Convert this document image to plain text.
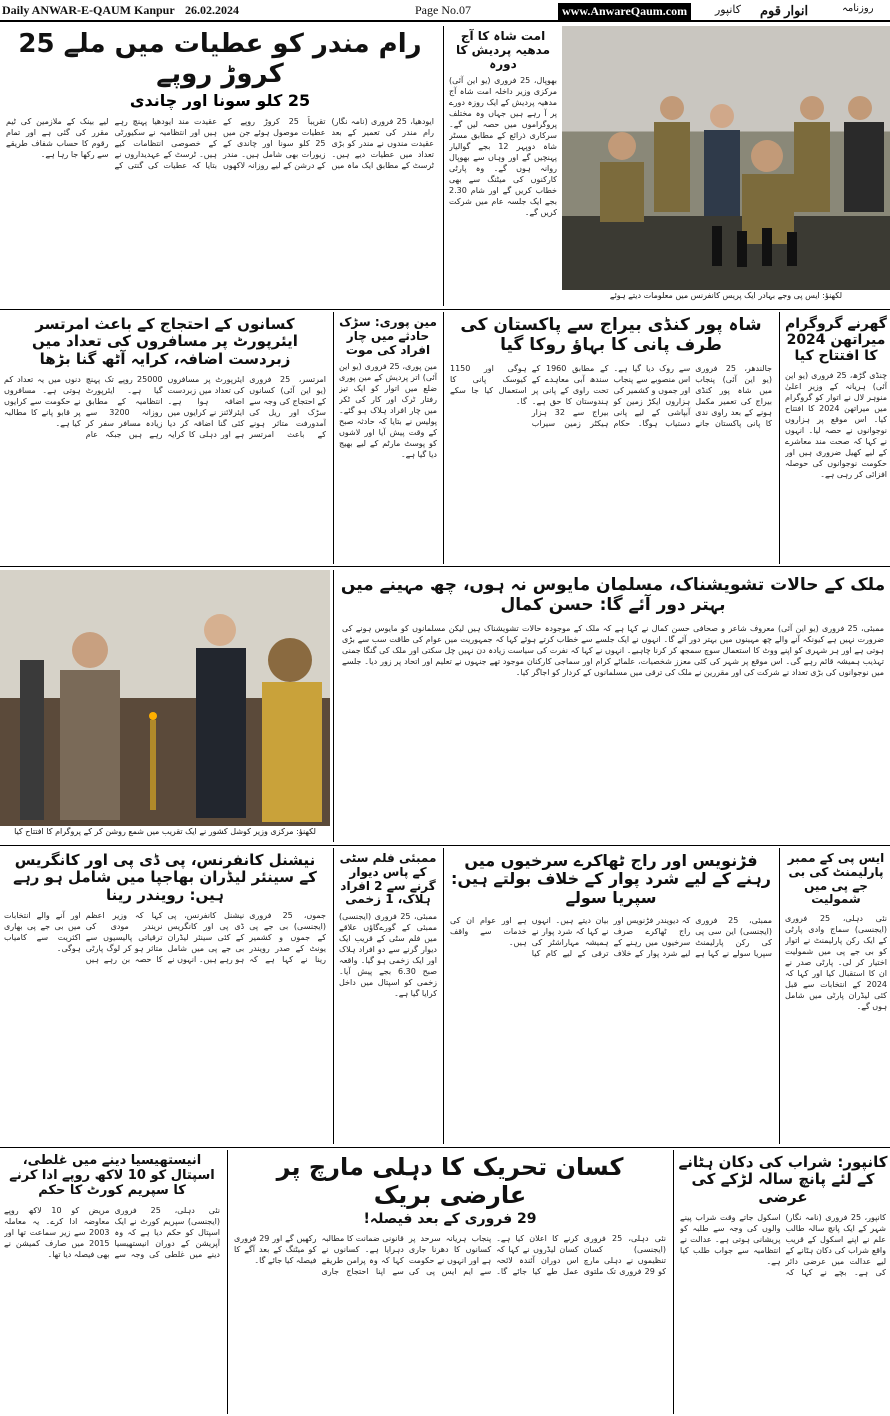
Daily ANWAR-E-QAUM Kanpur 26.02.2024	Page No.07	www.AnwareQaum.com	انوار قوم
کانپور	روزنامہ
رام مندر کو عطیات میں ملے 25 کروڑ روپے
25 کلو سونا اور چاندی
ایودھیا، 25 فروری (نامہ نگار) رام مندر کی تعمیر کے بعد عقیدت مندوں نے مندر کو بڑی تعداد میں عطیات دیے ہیں۔ ٹرسٹ کے مطابق ایک ماہ میں تقریباً 25 کروڑ روپے کے عطیات موصول ہوئے جن میں 25 کلو سونا اور چاندی کے زیورات بھی شامل ہیں۔ مندر کے درشن کے لیے روزانہ لاکھوں عقیدت مند ایودھیا پہنچ رہے ہیں اور انتظامیہ نے سکیورٹی کے خصوصی انتظامات کیے ہیں۔ ٹرسٹ کے عہدیداروں نے بتایا کہ عطیات کی گنتی کے لیے بینک کے ملازمین کی ٹیم مقرر کی گئی ہے اور تمام رقوم کا حساب شفاف طریقے سے رکھا جا رہا ہے۔
امت شاہ کا آج مدھیہ پردیش کا دورہ
بھوپال، 25 فروری (یو این آئی) مرکزی وزیر داخلہ امت شاہ آج مدھیہ پردیش کے ایک روزہ دورے پر آ رہے ہیں جہاں وہ مختلف پروگراموں میں حصہ لیں گے۔ سرکاری ذرائع کے مطابق مسٹر شاہ دوپہر 12 بجے گوالیار پہنچیں گے اور وہاں سے بھوپال روانہ ہوں گے۔ وہ پارٹی کارکنوں کی میٹنگ سے بھی خطاب کریں گے اور شام 2.30 بجے ایک جلسہ عام میں شرکت کریں گے۔
لکھنؤ: ایس پی وجے بہادر ایک پریس کانفرنس میں معلومات دیتے ہوئے
کسانوں کے احتجاج کے باعث امرتسر ایئرپورٹ پر مسافروں کی تعداد میں زبردست اضافہ، کرایہ آٹھ گنا بڑھا
امرتسر، 25 فروری (یو این آئی) کسانوں کے احتجاج کی وجہ سے سڑک اور ریل کی آمدورفت متاثر ہونے کے باعث امرتسر ایئرپورٹ پر مسافروں کی تعداد میں زبردست اضافہ ہوا ہے۔ ایئرلائنز نے کرایوں میں کئی گنا اضافہ کر دیا ہے اور دہلی کا کرایہ 25000 روپے تک پہنچ گیا ہے۔ ایئرپورٹ انتظامیہ کے مطابق روزانہ 3200 سے زیادہ مسافر سفر کر رہے ہیں جبکہ عام دنوں میں یہ تعداد کم ہوتی ہے۔ مسافروں نے حکومت سے کرایوں پر قابو پانے کا مطالبہ کیا ہے۔
مین پوری: سڑک حادثے میں چار افراد کی موت
مین پوری، 25 فروری (یو این آئی) اتر پردیش کے مین پوری ضلع میں اتوار کو ایک تیز رفتار ٹرک اور کار کی ٹکر میں چار افراد ہلاک ہو گئے۔ پولیس نے بتایا کہ حادثہ صبح کے وقت پیش آیا اور لاشوں کو پوسٹ مارٹم کے لیے بھیج دیا گیا ہے۔
شاہ پور کنڈی بیراج سے پاکستان کی طرف پانی کا بہاؤ روکا گیا
جالندھر، 25 فروری (یو این آئی) پنجاب میں شاہ پور کنڈی بیراج کی تعمیر مکمل ہونے کے بعد راوی ندی کا پانی پاکستان جانے سے روک دیا گیا ہے۔ اس منصوبے سے پنجاب اور جموں و کشمیر کی ہزاروں ایکڑ زمین کو آبپاشی کے لیے پانی دستیاب ہوگا۔ حکام کے مطابق 1960 کے سندھ آبی معاہدے کے تحت راوی کے پانی پر ہندوستان کا حق ہے۔ بیراج سے 32 ہزار ہیکٹر زمین سیراب ہوگی اور 1150 کیوسک پانی کا استعمال کیا جا سکے گا۔
گھرنے گروگرام میراتھن 2024 کا افتتاح کیا
چنڈی گڑھ، 25 فروری (یو این آئی) ہریانہ کے وزیر اعلیٰ منوہر لال نے اتوار کو گروگرام میں میراتھن 2024 کا افتتاح کیا۔ اس موقع پر ہزاروں نوجوانوں نے حصہ لیا۔ انہوں نے کہا کہ صحت مند معاشرے کے لیے کھیل ضروری ہیں اور حکومت نوجوانوں کی حوصلہ افزائی کر رہی ہے۔
لکھنؤ: مرکزی وزیر کوشل کشور نے ایک تقریب میں شمع روشن کر کے پروگرام کا افتتاح کیا
ملک کے حالات تشویشناک، مسلمان مایوس نہ ہوں، چھ مہینے میں بہتر دور آئے گا: حسن کمال
ممبئی، 25 فروری (یو این آئی) معروف شاعر و صحافی حسن کمال نے کہا ہے کہ ملک کے موجودہ حالات تشویشناک ہیں لیکن مسلمانوں کو مایوس ہونے کی ضرورت نہیں ہے کیونکہ آنے والے چھ مہینوں میں بہتر دور آئے گا۔ انہوں نے ایک جلسے سے خطاب کرتے ہوئے کہا کہ جمہوریت میں عوام کی طاقت سب سے بڑی ہوتی ہے اور ہر شہری کو اپنے ووٹ کا استعمال سوچ سمجھ کر کرنا چاہیے۔ انہوں نے کہا کہ نفرت کی سیاست زیادہ دن نہیں چل سکتی اور ملک کی گنگا جمنی تہذیب ہمیشہ قائم رہے گی۔ اس موقع پر شہر کی کئی معزز شخصیات، علمائے کرام اور سماجی کارکنان موجود تھے جنہوں نے تعلیم اور اتحاد پر زور دیا۔ جلسے میں نوجوانوں کی بڑی تعداد نے شرکت کی اور مقررین نے ملک کی ترقی میں مسلمانوں کے کردار کو اجاگر کیا۔
نیشنل کانفرنس، پی ڈی پی اور کانگریس کے سینئر لیڈران بھاجپا میں شامل ہو رہے ہیں: رویندر رینا
جموں، 25 فروری (ایجنسی) بی جے پی کے جموں و کشمیر یونٹ کے صدر رویندر رینا نے کہا ہے کہ نیشنل کانفرنس، پی ڈی پی اور کانگریس کے کئی سینئر لیڈران بی جے پی میں شامل ہو رہے ہیں۔ انہوں نے کہا کہ وزیر اعظم نریندر مودی کی ترقیاتی پالیسیوں سے متاثر ہو کر لوگ پارٹی کا حصہ بن رہے ہیں اور آنے والے انتخابات میں بی جے پی بھاری اکثریت سے کامیاب ہوگی۔
ممبئی فلم سٹی کے پاس دیوار گرنے سے 2 افراد ہلاک، 1 زخمی
ممبئی، 25 فروری (ایجنسی) ممبئی کے گورےگاؤں علاقے میں فلم سٹی کے قریب ایک دیوار گرنے سے دو افراد ہلاک اور ایک زخمی ہو گیا۔ واقعہ صبح 6.30 بجے پیش آیا۔ زخمی کو اسپتال میں داخل کرایا گیا ہے۔
فڑنویس اور راج ٹھاکرے سرخیوں میں رہنے کے لیے شرد پوار کے خلاف بولتے ہیں: سپریا سولے
ممبئی، 25 فروری (ایجنسی) این سی پی کی رکن پارلیمنٹ سپریا سولے نے کہا ہے کہ دیویندر فڑنویس اور راج ٹھاکرے صرف سرخیوں میں رہنے کے لیے شرد پوار کے خلاف بیان دیتے ہیں۔ انہوں نے کہا کہ شرد پوار نے ہمیشہ مہاراشٹر کی ترقی کے لیے کام کیا ہے اور عوام ان کی خدمات سے واقف ہیں۔
ایس پی کے ممبر پارلیمنٹ کی بی جے پی میں شمولیت
نئی دہلی، 25 فروری (ایجنسی) سماج وادی پارٹی کے ایک رکن پارلیمنٹ نے اتوار کو بی جے پی میں شمولیت اختیار کر لی۔ پارٹی صدر نے ان کا استقبال کیا اور کہا کہ 2024 کے انتخابات سے قبل کئی لیڈران پارٹی میں شامل ہوں گے۔
انیستھیسیا دینے میں غلطی، اسپتال کو 10 لاکھ روپے ادا کرنے کا سپریم کورٹ کا حکم
نئی دہلی، 25 فروری (ایجنسی) سپریم کورٹ نے ایک اسپتال کو حکم دیا ہے کہ وہ آپریشن کے دوران انیستھیسیا دینے میں غلطی کی وجہ سے مریض کو 10 لاکھ روپے معاوضہ ادا کرے۔ یہ معاملہ 2003 سے زیر سماعت تھا اور 2015 میں صارف کمیشن نے بھی فیصلہ دیا تھا۔
کسان تحریک کا دہلی مارچ پر عارضی بریک
29 فروری کے بعد فیصلہ!
نئی دہلی، 25 فروری (ایجنسی) کسان تنظیموں نے دہلی مارچ کو 29 فروری تک ملتوی کرنے کا اعلان کیا ہے۔ کسان لیڈروں نے کہا کہ اس دوران آئندہ لائحہ عمل طے کیا جائے گا۔ پنجاب ہریانہ سرحد پر کسانوں کا دھرنا جاری ہے اور انہوں نے حکومت سے ایم ایس پی کی قانونی ضمانت کا مطالبہ دہرایا ہے۔ کسانوں نے کہا کہ وہ پرامن طریقے سے اپنا احتجاج جاری رکھیں گے اور 29 فروری کو میٹنگ کے بعد آگے کا فیصلہ کیا جائے گا۔
کانپور: شراب کی دکان ہٹانے کے لئے پانچ سالہ لڑکے کی عرضی
کانپور، 25 فروری (نامہ نگار) شہر کے ایک پانچ سالہ طالب علم نے اپنے اسکول کے قریب واقع شراب کی دکان ہٹانے کے لیے عدالت میں عرضی دائر کی ہے۔ بچے نے کہا کہ اسکول جاتے وقت شراب پینے والوں کی وجہ سے طلبہ کو پریشانی ہوتی ہے۔ عدالت نے انتظامیہ سے جواب طلب کیا ہے۔
